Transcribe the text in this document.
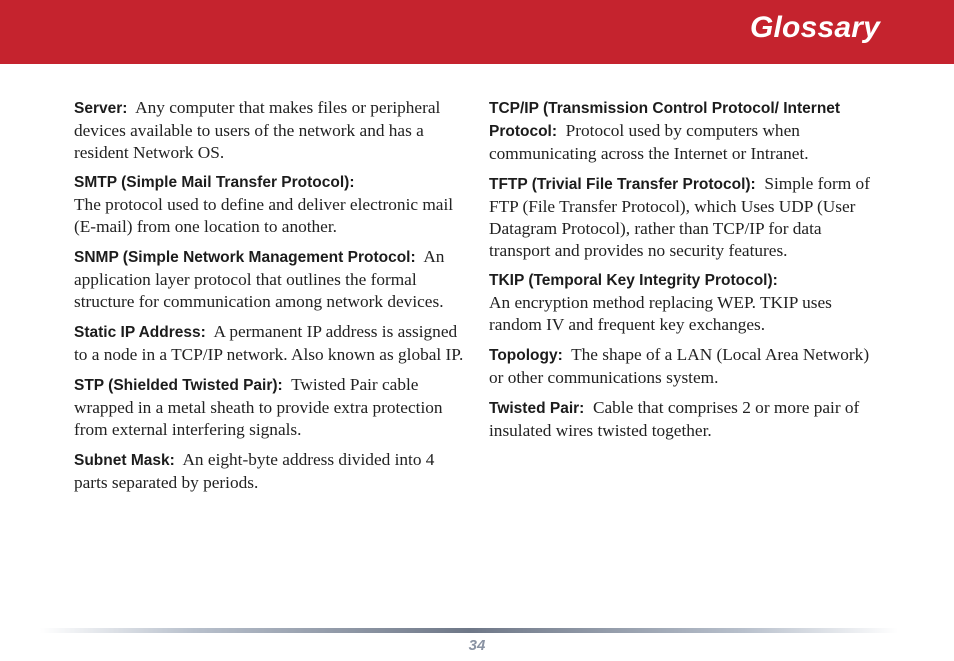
Glossary

Server: Any computer that makes files or peripheral devices available to users of the network and has a resident Network OS.

SMTP (Simple Mail Transfer Protocol):
The protocol used to define and deliver electronic mail (E-mail) from one location to another.

SNMP (Simple Network Management Protocol: An application layer protocol that outlines the formal structure for communication among network devices.

Static IP Address: A permanent IP address is assigned to a node in a TCP/IP network. Also known as global IP.

STP (Shielded Twisted Pair): Twisted Pair cable wrapped in a metal sheath to provide extra protection from external interfering signals.

Subnet Mask: An eight-byte address divided into 4 parts separated by periods.

TCP/IP (Transmission Control Protocol/ Internet Protocol: Protocol used by computers when communicating across the Internet or Intranet.

TFTP (Trivial File Transfer Protocol): Simple form of FTP (File Transfer Protocol), which Uses UDP (User Datagram Protocol), rather than TCP/IP for data transport and provides no security features.

TKIP (Temporal Key Integrity Protocol):
An encryption method replacing WEP. TKIP uses random IV and frequent key exchanges.

Topology: The shape of a LAN (Local Area Network) or other communications system.

Twisted Pair: Cable that comprises 2 or more pair of insulated wires twisted together.

34
